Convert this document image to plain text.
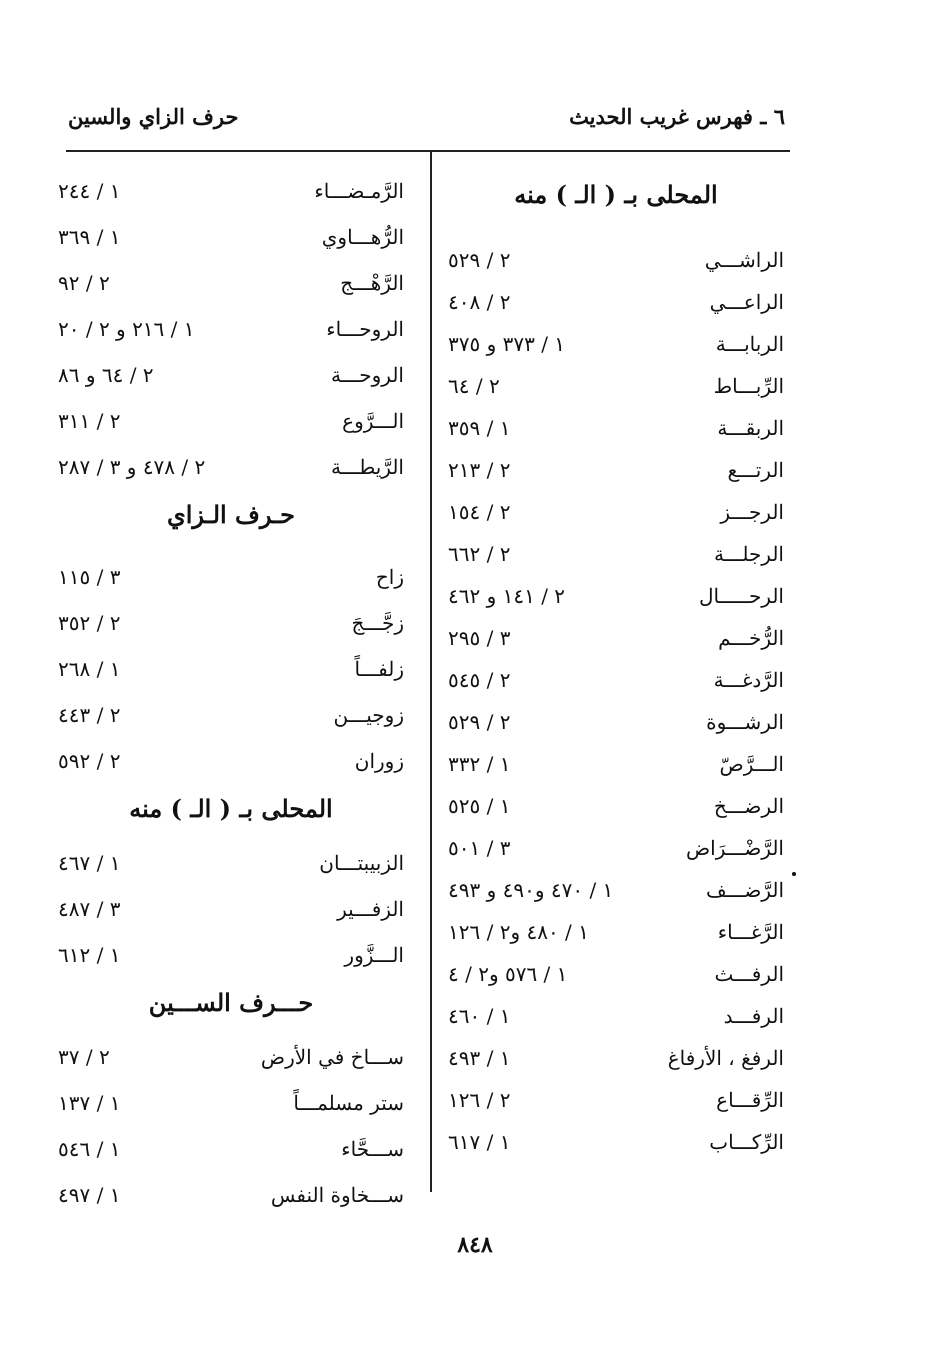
٦ ـ فهرس غريب الحديث
حرف الزاي والسين
المحلى بـ ( الـ ) منه
الراشـــي
٢ / ٥٢٩
الراعـــي
٢ / ٤٠٨
الربابـــة
١ / ٣٧٣ و ٣٧٥
الرِّبـــاط
٢ / ٦٤
الربقـــة
١ / ٣٥٩
الرتـــع
٢ / ٢١٣
الرجـــز
٢ / ١٥٤
الرجلـــة
٢ / ٦٦٢
الرحـــــال
٢ / ١٤١ و ٤٦٢
الرُّخـــم
٣ / ٢٩٥
الرَّدغـــة
٢ / ٥٤٥
الرشـــوة
٢ / ٥٢٩
الـــرَّصّ
١ / ٣٣٢
الرضـــخ
١ / ٥٢٥
الرَّضْـــرَاض
٣ / ٥٠١
الرَّضـــف
١ / ٤٧٠ و٤٩٠ و ٤٩٣
الرَّغـــاء
١ / ٤٨٠ و٢ / ١٢٦
الرفـــث
١ / ٥٧٦ و٢ / ٤
الرفـــد
١ / ٤٦٠
الرفغ ، الأرفاغ
١ / ٤٩٣
الرِّقـــاع
٢ / ١٢٦
الرِّكـــاب
١ / ٦١٧
الرَّمـضـــاء
١ / ٢٤٤
الرُّهـــاوي
١ / ٣٦٩
الرَّهْـــج
٢ / ٩٢
الروحـــاء
١ / ٢١٦ و ٢ / ٢٠
الروحـــة
٢ / ٦٤ و ٨٦
الـــرَّوع
٢ / ٣١١
الرَّيطـــة
٢ / ٤٧٨ و ٣ / ٢٨٧
حـرف الـزاي
زاح
٣ / ١١٥
زجَّـــجَ
٢ / ٣٥٢
زلفـــاً
١ / ٢٦٨
زوجيـــن
٢ / ٤٤٣
زوران
٢ / ٥٩٢
المحلى بـ ( الـ ) منه
الزبيبتـــان
١ / ٤٦٧
الزفـــير
٣ / ٤٨٧
الـــزَّور
١ / ٦١٢
حـــرف الســـين
ســـاخ في الأرض
٢ / ٣٧
ستر مسلمـــاً
١ / ١٣٧
ســـحَّاء
١ / ٥٤٦
ســـخاوة النفس
١ / ٤٩٧
٨٤٨
